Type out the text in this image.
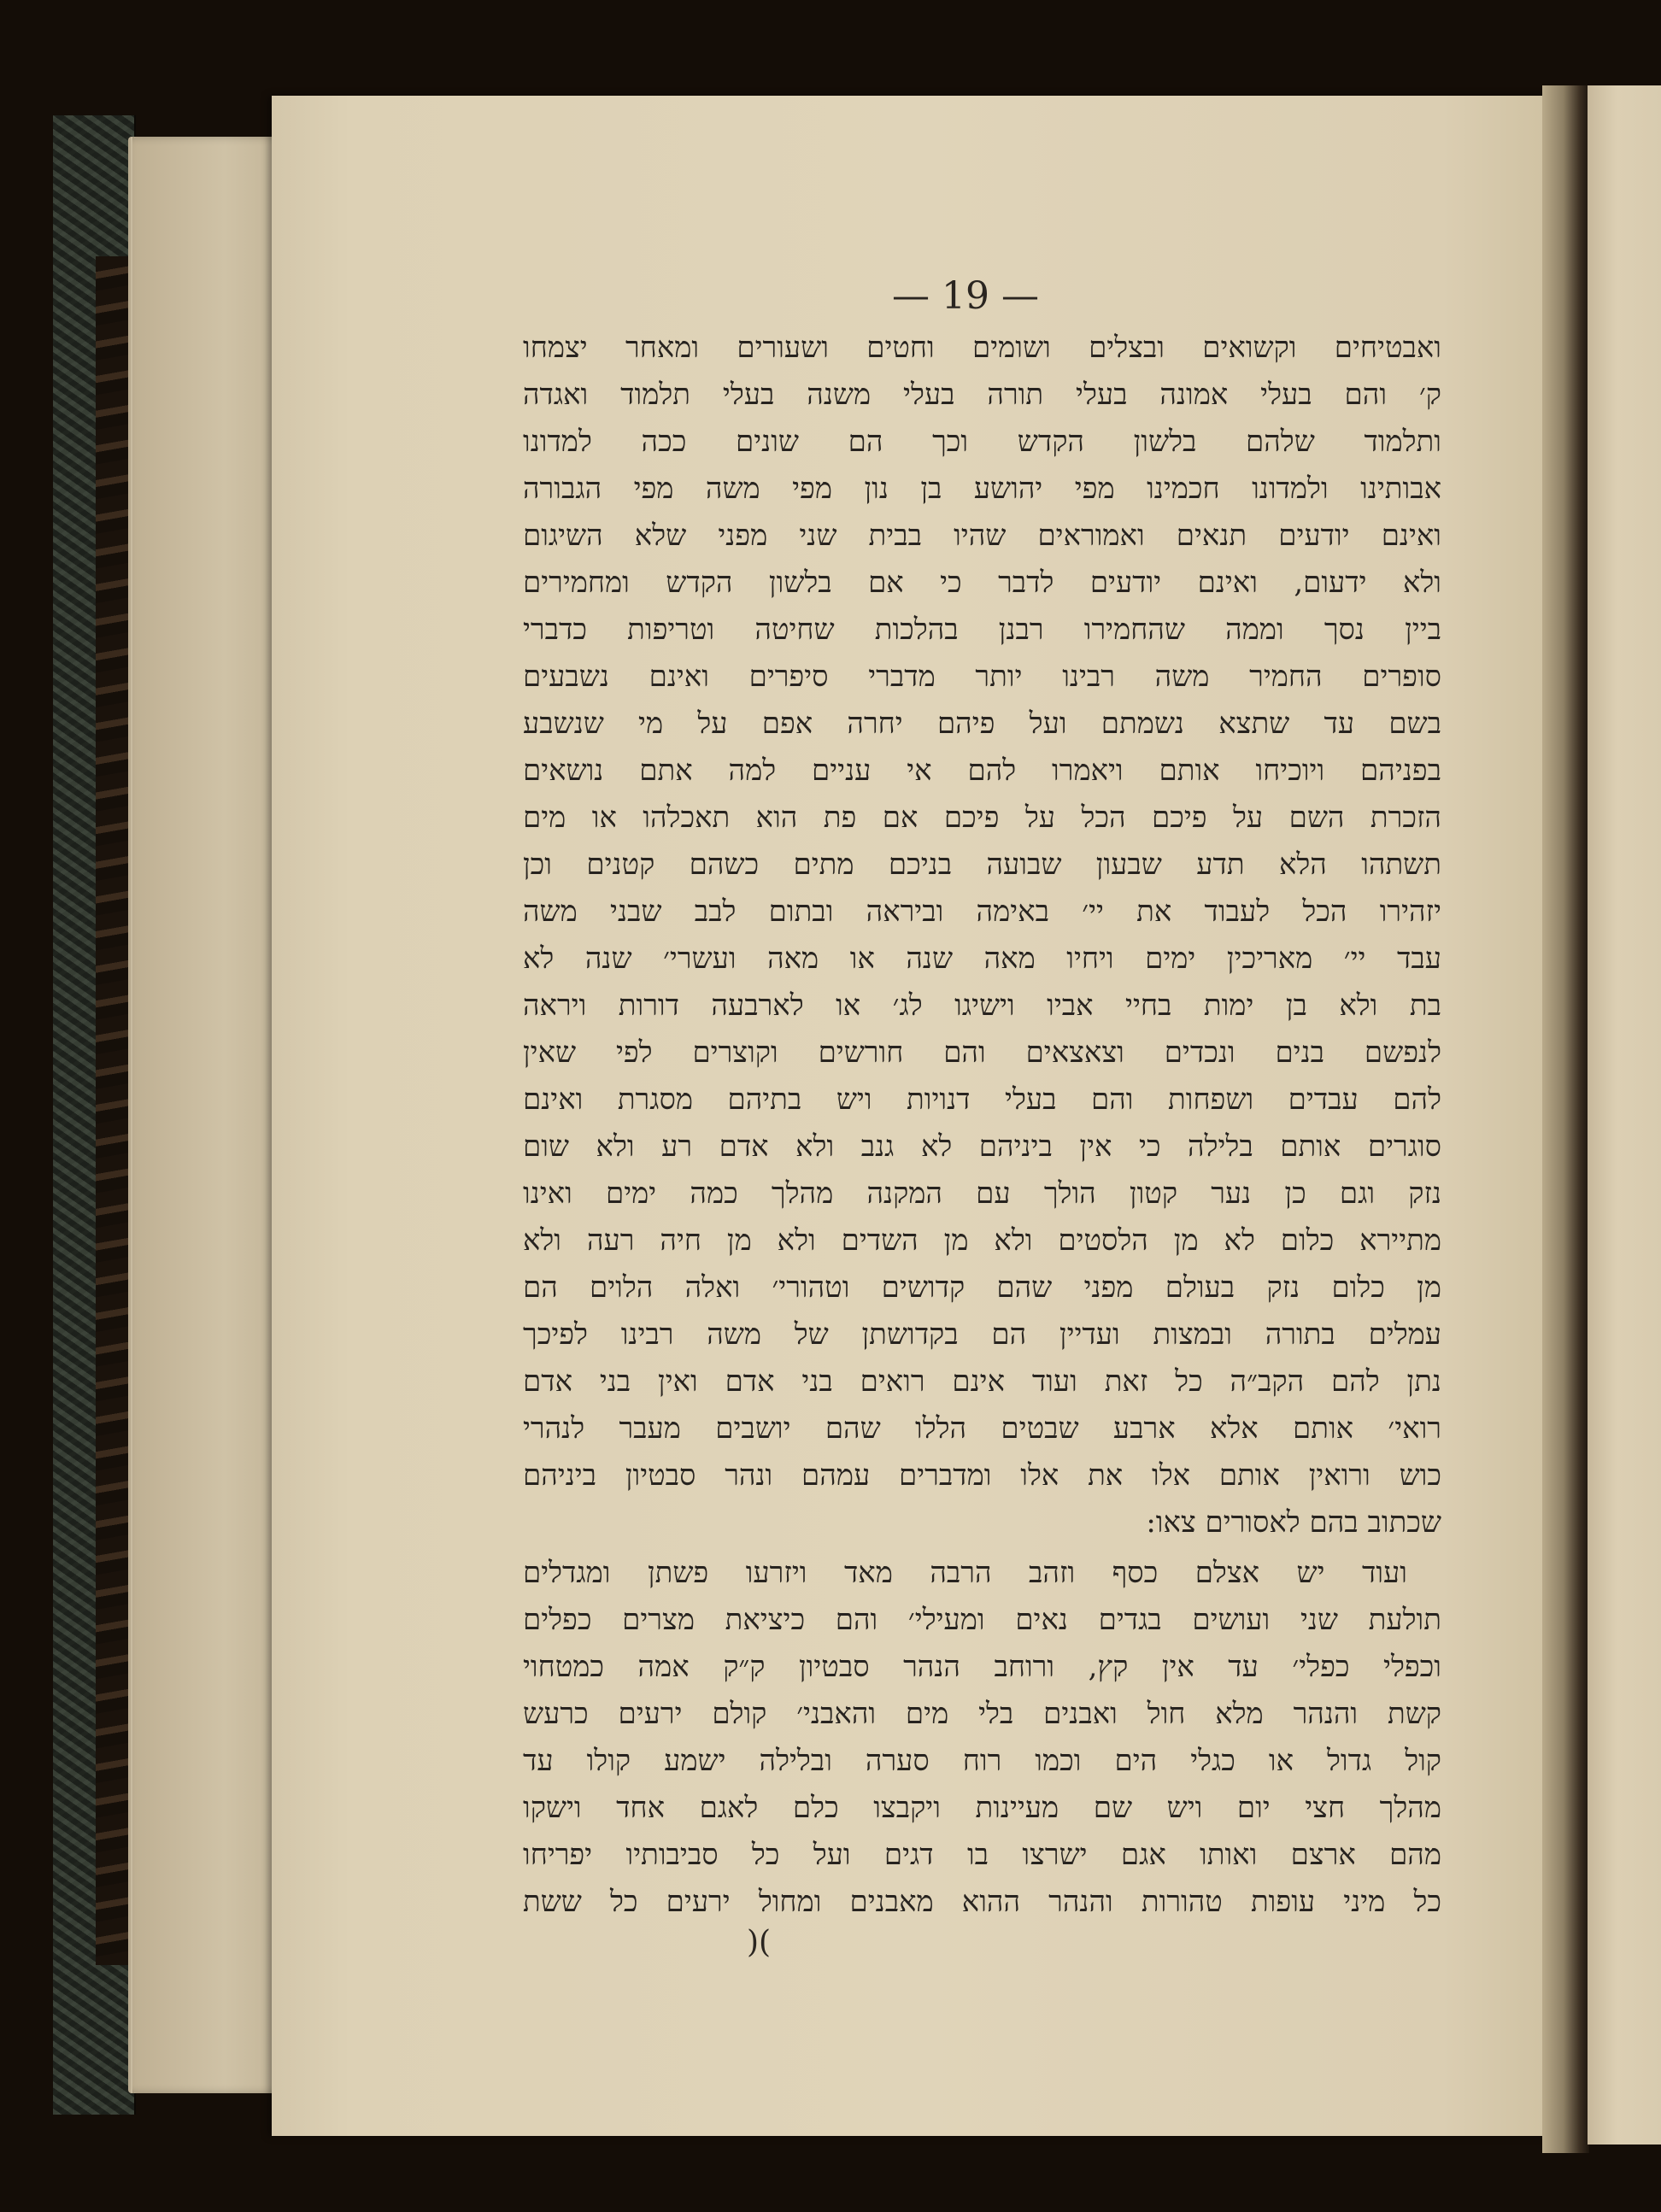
— 19 —
ואבטיחים וקשואים ובצלים ושומים וחטים ושעורים ומאחר יצמחו
ק׳ והם בעלי אמונה בעלי תורה בעלי משנה בעלי תלמוד ואגדה
ותלמוד שלהם בלשון הקדש וכך הם שונים ככה למדונו
אבותינו ולמדונו חכמינו מפי יהושע בן נון מפי משה מפי הגבורה
ואינם יודעים תנאים ואמוראים שהיו בבית שני מפני שלא השיגום
ולא ידעום, ואינם יודעים לדבר כי אם בלשון הקדש ומחמירים
ביין נסך וממה שהחמירו רבנן בהלכות שחיטה וטריפות כדברי
סופרים החמיר משה רבינו יותר מדברי סיפרים ואינם נשבעים
בשם עד שתצא נשמתם ועל פיהם יחרה אפם על מי שנשבע
בפניהם ויוכיחו אותם ויאמרו להם אי עניים למה אתם נושאים
הזכרת השם על פיכם הכל על פיכם אם פת הוא תאכלהו או מים
תשתהו הלא תדע שבעון שבועה בניכם מתים כשהם קטנים וכן
יזהירו הכל לעבוד את יי׳ באימה וביראה ובתום לבב שבני משה
עבד יי׳ מאריכין ימים ויחיו מאה שנה או מאה ועשרי׳ שנה לא
בת ולא בן ימות בחיי אביו וישיגו לג׳ או לארבעה דורות ויראה
לנפשם בנים ונכדים וצאצאים והם חורשים וקוצרים לפי שאין
להם עבדים ושפחות והם בעלי דנויות ויש בתיהם מסגרת ואינם
סוגרים אותם בלילה כי אין ביניהם לא גנב ולא אדם רע ולא שום
נזק וגם כן נער קטון הולך עם המקנה מהלך כמה ימים ואינו
מתיירא כלום לא מן הלסטים ולא מן השדים ולא מן חיה רעה ולא
מן כלום נזק בעולם מפני שהם קדושים וטהורי׳ ואלה הלוים הם
עמלים בתורה ובמצות ועדיין הם בקדושתן של משה רבינו לפיכך
נתן להם הקב״ה כל זאת ועוד אינם רואים בני אדם ואין בני אדם
רואי׳ אותם אלא ארבע שבטים הללו שהם יושבים מעבר לנהרי
כוש ורואין אותם אלו את אלו ומדברים עמהם ונהר סבטיון ביניהם
שכתוב בהם לאסורים צאו:
ועוד יש אצלם כסף וזהב הרבה מאד ויזרעו פשתן ומגדלים
תולעת שני ועושים בגדים נאים ומעילי׳ והם כיציאת מצרים כפלים
וכפלי כפלי׳ עד אין קץ, ורוחב הנהר סבטיון ק״ק אמה כמטחוי
קשת והנהר מלא חול ואבנים בלי מים והאבני׳ קולם ירעים כרעש
קול גדול או כגלי הים וכמו רוח סערה ובלילה ישמע קולו עד
מהלך חצי יום ויש שם מעיינות ויקבצו כלם לאגם אחד וישקו
מהם ארצם ואותו אגם ישרצו בו דגים ועל כל סביבותיו יפריחו
כל מיני עופות טהורות והנהר ההוא מאבנים ומחול ירעים כל ששת
)(
